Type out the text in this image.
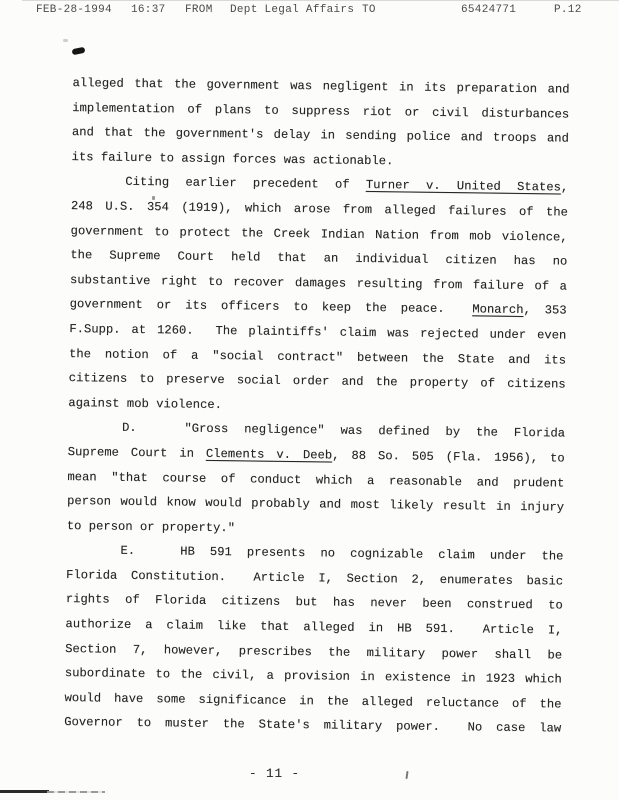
FEB-28-1994 16:37 FROM Dept Legal Affairs TO	65424771	P.12
alleged that the government was negligent in its preparation and
implementation of plans to suppress riot or civil disturbances
and that the government's delay in sending police and troops and
its failure to assign forces was actionable.
Citing earlier precedent of Turner v. United States,
248 U.S. 354 (1919), which arose from alleged failures of the
government to protect the Creek Indian Nation from mob violence,
the Supreme Court held that an individual citizen has no
substantive right to recover damages resulting from failure of a
government or its officers to keep the peace.  Monarch, 353
F.Supp. at 1260.  The plaintiffs' claim was rejected under even
the notion of a "social contract" between the State and its
citizens to preserve social order and the property of citizens
against mob violence.
D.   "Gross negligence" was defined by the Florida
Supreme Court in Clements v. Deeb, 88 So. 505 (Fla. 1956), to
mean "that course of conduct which a reasonable and prudent
person would know would probably and most likely result in injury
to person or property."
E.   HB 591 presents no cognizable claim under the
Florida Constitution.  Article I, Section 2, enumerates basic
rights of Florida citizens but has never been construed to
authorize a claim like that alleged in HB 591.  Article I,
Section 7, however, prescribes the military power shall be
subordinate to the civil, a provision in existence in 1923 which
would have some significance in the alleged reluctance of the
Governor to muster the State's military power.  No case law
- 11 -
